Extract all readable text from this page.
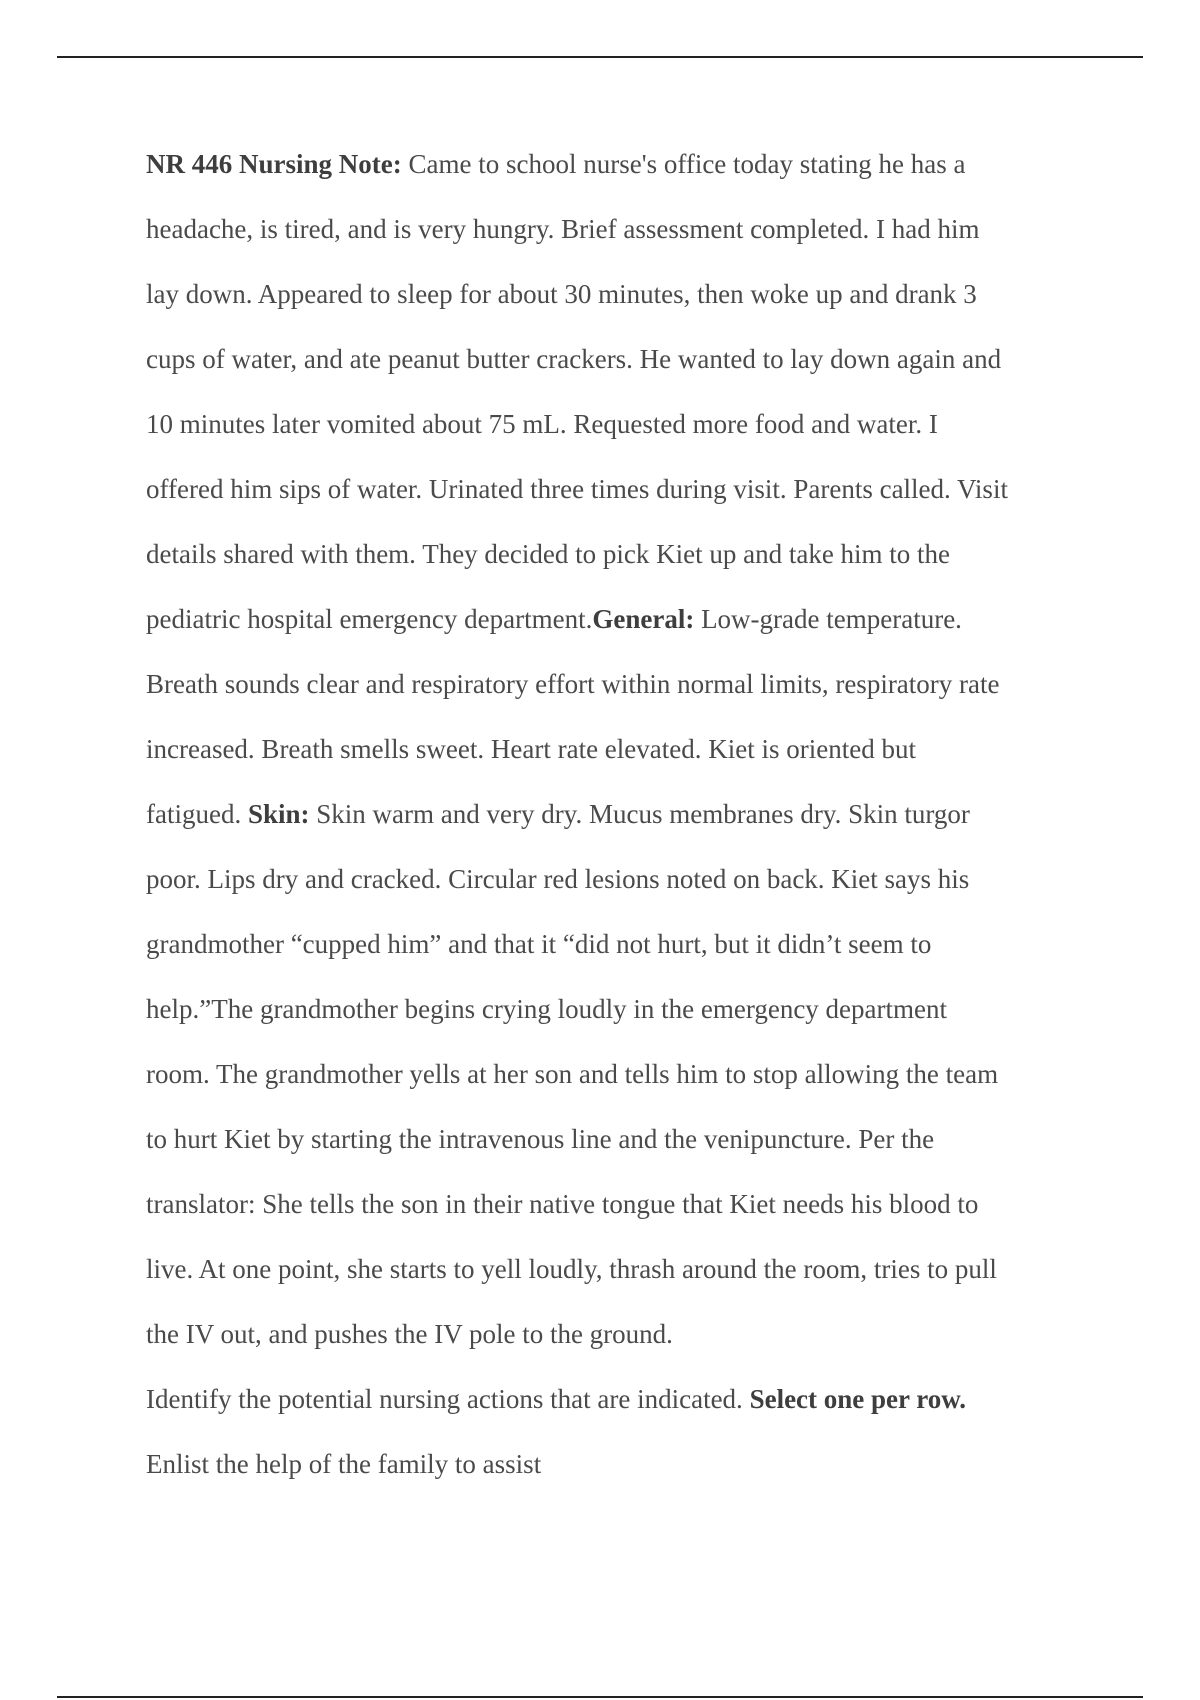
NR 446 Nursing Note: Came to school nurse's office today stating he has a
headache, is tired, and is very hungry. Brief assessment completed. I had him
lay down. Appeared to sleep for about 30 minutes, then woke up and drank 3
cups of water, and ate peanut butter crackers. He wanted to lay down again and
10 minutes later vomited about 75 mL. Requested more food and water. I
offered him sips of water. Urinated three times during visit. Parents called. Visit
details shared with them. They decided to pick Kiet up and take him to the
pediatric hospital emergency department.General: Low-grade temperature.
Breath sounds clear and respiratory effort within normal limits, respiratory rate
increased. Breath smells sweet. Heart rate elevated. Kiet is oriented but
fatigued. Skin: Skin warm and very dry. Mucus membranes dry. Skin turgor
poor. Lips dry and cracked. Circular red lesions noted on back. Kiet says his
grandmother “cupped him” and that it “did not hurt, but it didn’t seem to
help.”The grandmother begins crying loudly in the emergency department
room. The grandmother yells at her son and tells him to stop allowing the team
to hurt Kiet by starting the intravenous line and the venipuncture. Per the
translator: She tells the son in their native tongue that Kiet needs his blood to
live. At one point, she starts to yell loudly, thrash around the room, tries to pull
the IV out, and pushes the IV pole to the ground.
Identify the potential nursing actions that are indicated. Select one per row.
Enlist the help of the family to assist
